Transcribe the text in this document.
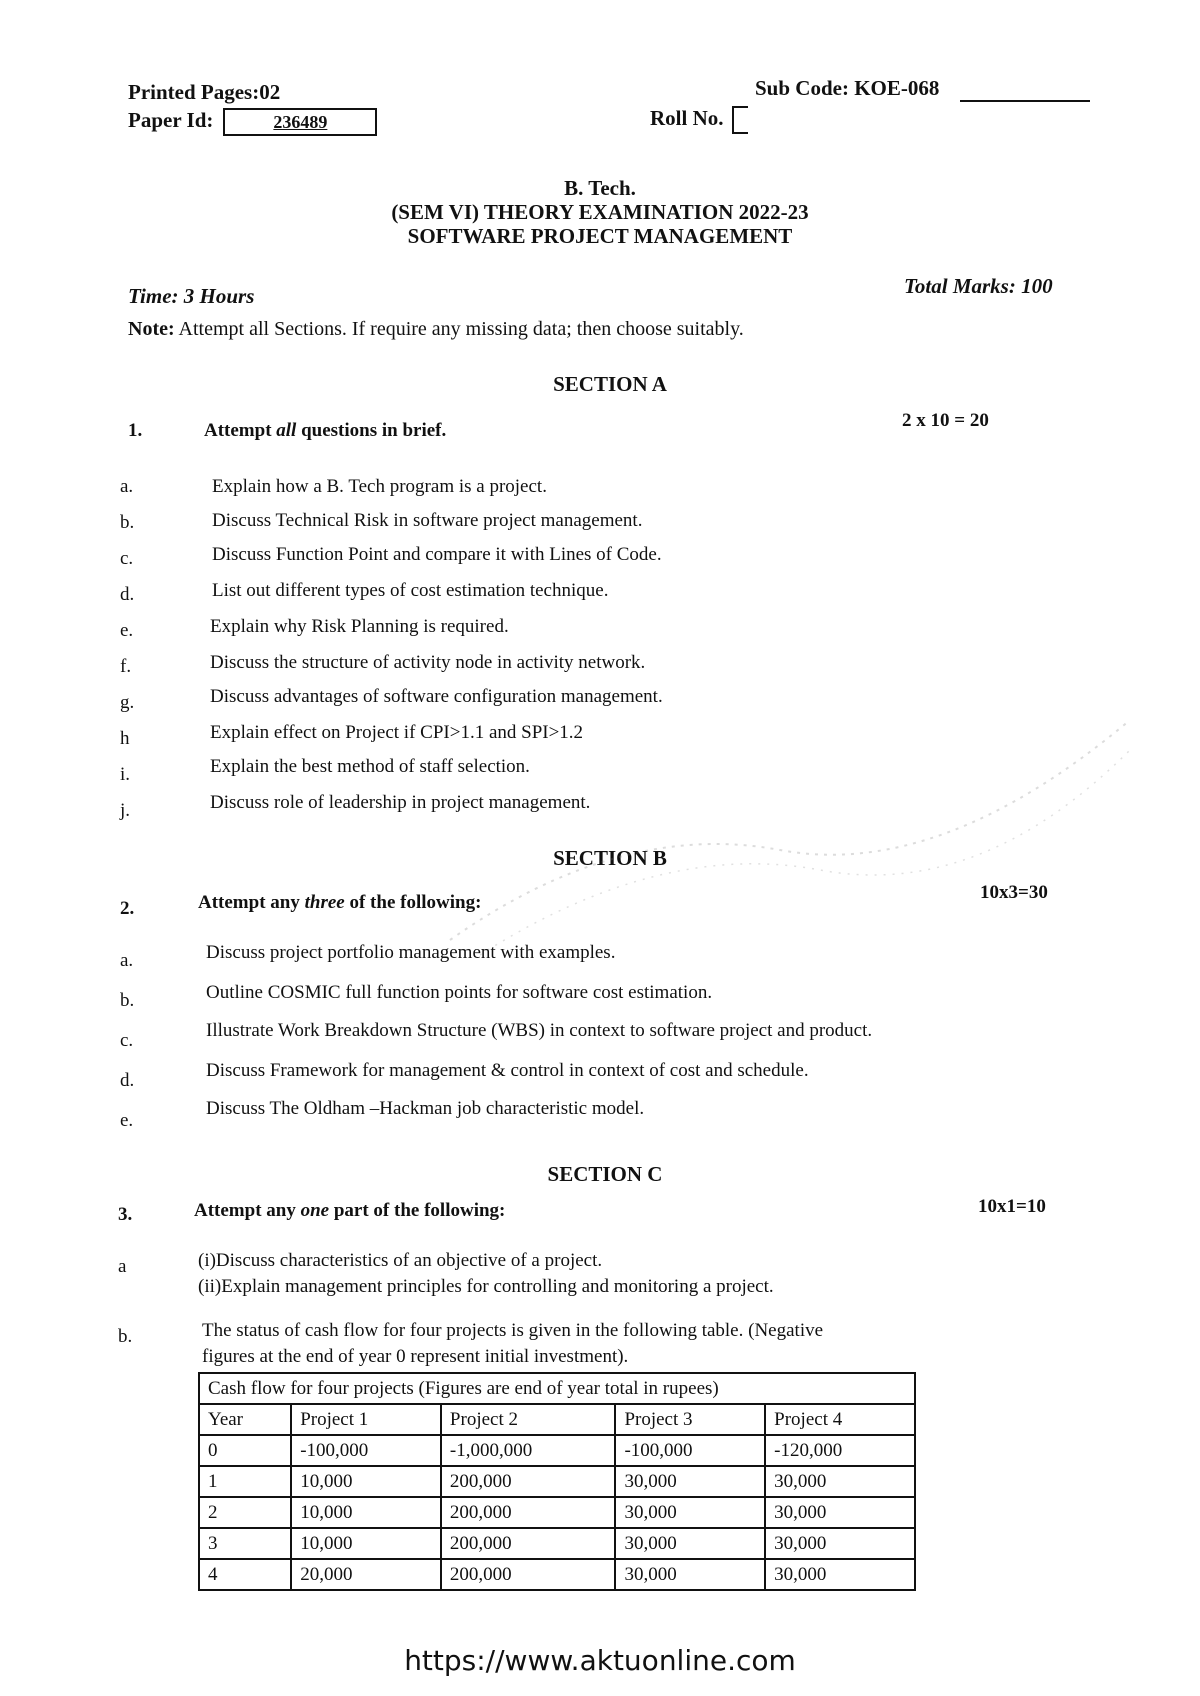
Printed Pages:02
Paper Id:	236489
Sub Code: KOE-068
Roll No.
B. Tech.
(SEM VI) THEORY EXAMINATION 2022-23
SOFTWARE PROJECT MANAGEMENT
Time: 3 Hours	Total Marks: 100
Note: Attempt all Sections. If require any missing data; then choose suitably.
SECTION A
1.	Attempt all questions in brief.	2 x 10 = 20
a.	Explain how a B. Tech program is a project.
b.	Discuss Technical Risk in software project management.
c.	Discuss Function Point and compare it with Lines of Code.
d.	List out different types of cost estimation technique.
e.	Explain why Risk Planning is required.
f.	Discuss the structure of activity node in activity network.
g.	Discuss advantages of software configuration management.
h	Explain effect on Project if CPI>1.1 and SPI>1.2
i.	Explain the best method of staff selection.
j.	Discuss role of leadership in project management.
SECTION B
2.	Attempt any three of the following:	10x3=30
a.	Discuss project portfolio management with examples.
b.	Outline COSMIC full function points for software cost estimation.
c.	Illustrate Work Breakdown Structure (WBS) in context to software project and product.
d.	Discuss Framework for management & control in context of cost and schedule.
e.
Discuss The Oldham –Hackman job characteristic model.
SECTION C
3.	Attempt any one part of the following:	10x1=10
a	(i)Discuss characteristics of an objective of a project.
(ii)Explain management principles for controlling and monitoring a project.
b.	The status of cash flow for four projects is given in the following table. (Negative
figures at the end of year 0 represent initial investment).
Cash flow for four projects (Figures are end of year total in rupees)				
Year	Project 1	Project 2	Project 3	Project 4
0	-100,000	-1,000,000	-100,000	-120,000
1	10,000	200,000	30,000	30,000
2	10,000	200,000	30,000	30,000
3	10,000	200,000	30,000	30,000
4	20,000	200,000	30,000	30,000
https://www.aktuonline.com
